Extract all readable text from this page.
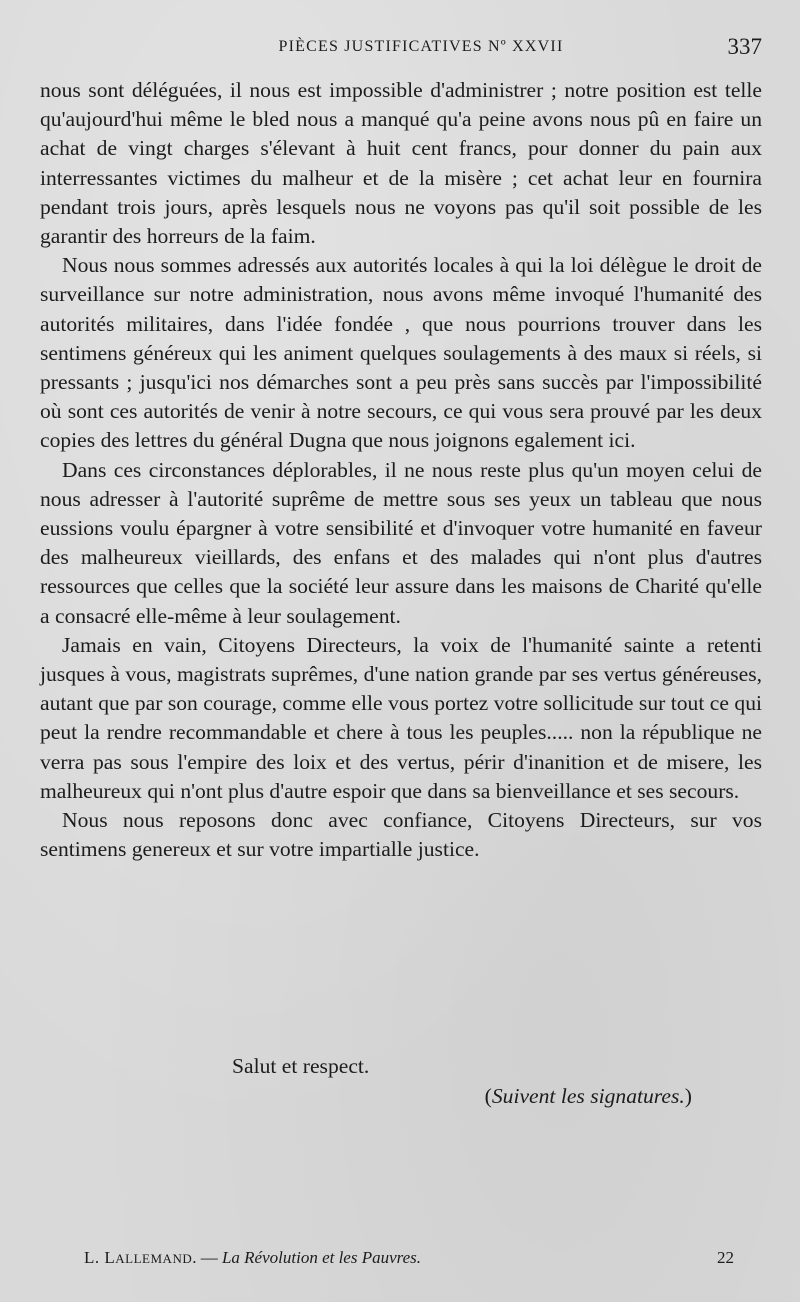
PIÈCES JUSTIFICATIVES Nº XXVII	337

nous sont déléguées, il nous est impossible d'administrer ; notre position est telle qu'aujourd'hui même le bled nous a manqué qu'a peine avons nous pû en faire un achat de vingt charges s'élevant à huit cent francs, pour donner du pain aux interressantes victimes du malheur et de la misère ; cet achat leur en fournira pendant trois jours, après lesquels nous ne voyons pas qu'il soit possible de les garantir des horreurs de la faim.

Nous nous sommes adressés aux autorités locales à qui la loi délègue le droit de surveillance sur notre administration, nous avons même invoqué l'humanité des autorités militaires, dans l'idée fondée , que nous pourrions trouver dans les sentimens généreux qui les animent quelques soulagements à des maux si réels, si pressants ; jusqu'ici nos démarches sont a peu près sans succès par l'impossibilité où sont ces autorités de venir à notre secours, ce qui vous sera prouvé par les deux copies des lettres du général Dugna que nous joignons egalement ici.

Dans ces circonstances déplorables, il ne nous reste plus qu'un moyen celui de nous adresser à l'autorité suprême de mettre sous ses yeux un tableau que nous eussions voulu épargner à votre sensibilité et d'invoquer votre humanité en faveur des malheureux vieillards, des enfans et des malades qui n'ont plus d'autres ressources que celles que la société leur assure dans les maisons de Charité qu'elle a consacré elle-même à leur soulagement.

Jamais en vain, Citoyens Directeurs, la voix de l'humanité sainte a retenti jusques à vous, magistrats suprêmes, d'une nation grande par ses vertus généreuses, autant que par son courage, comme elle vous portez votre sollicitude sur tout ce qui peut la rendre recommandable et chere à tous les peuples..... non la république ne verra pas sous l'empire des loix et des vertus, périr d'inanition et de misere, les malheureux qui n'ont plus d'autre espoir que dans sa bienveillance et ses secours.

Nous nous reposons donc avec confiance, Citoyens Directeurs, sur vos sentimens genereux et sur votre impartialle justice.

Salut et respect.
(Suivent les signatures.)
L. LALLEMAND. — La Révolution et les Pauvres.	22
